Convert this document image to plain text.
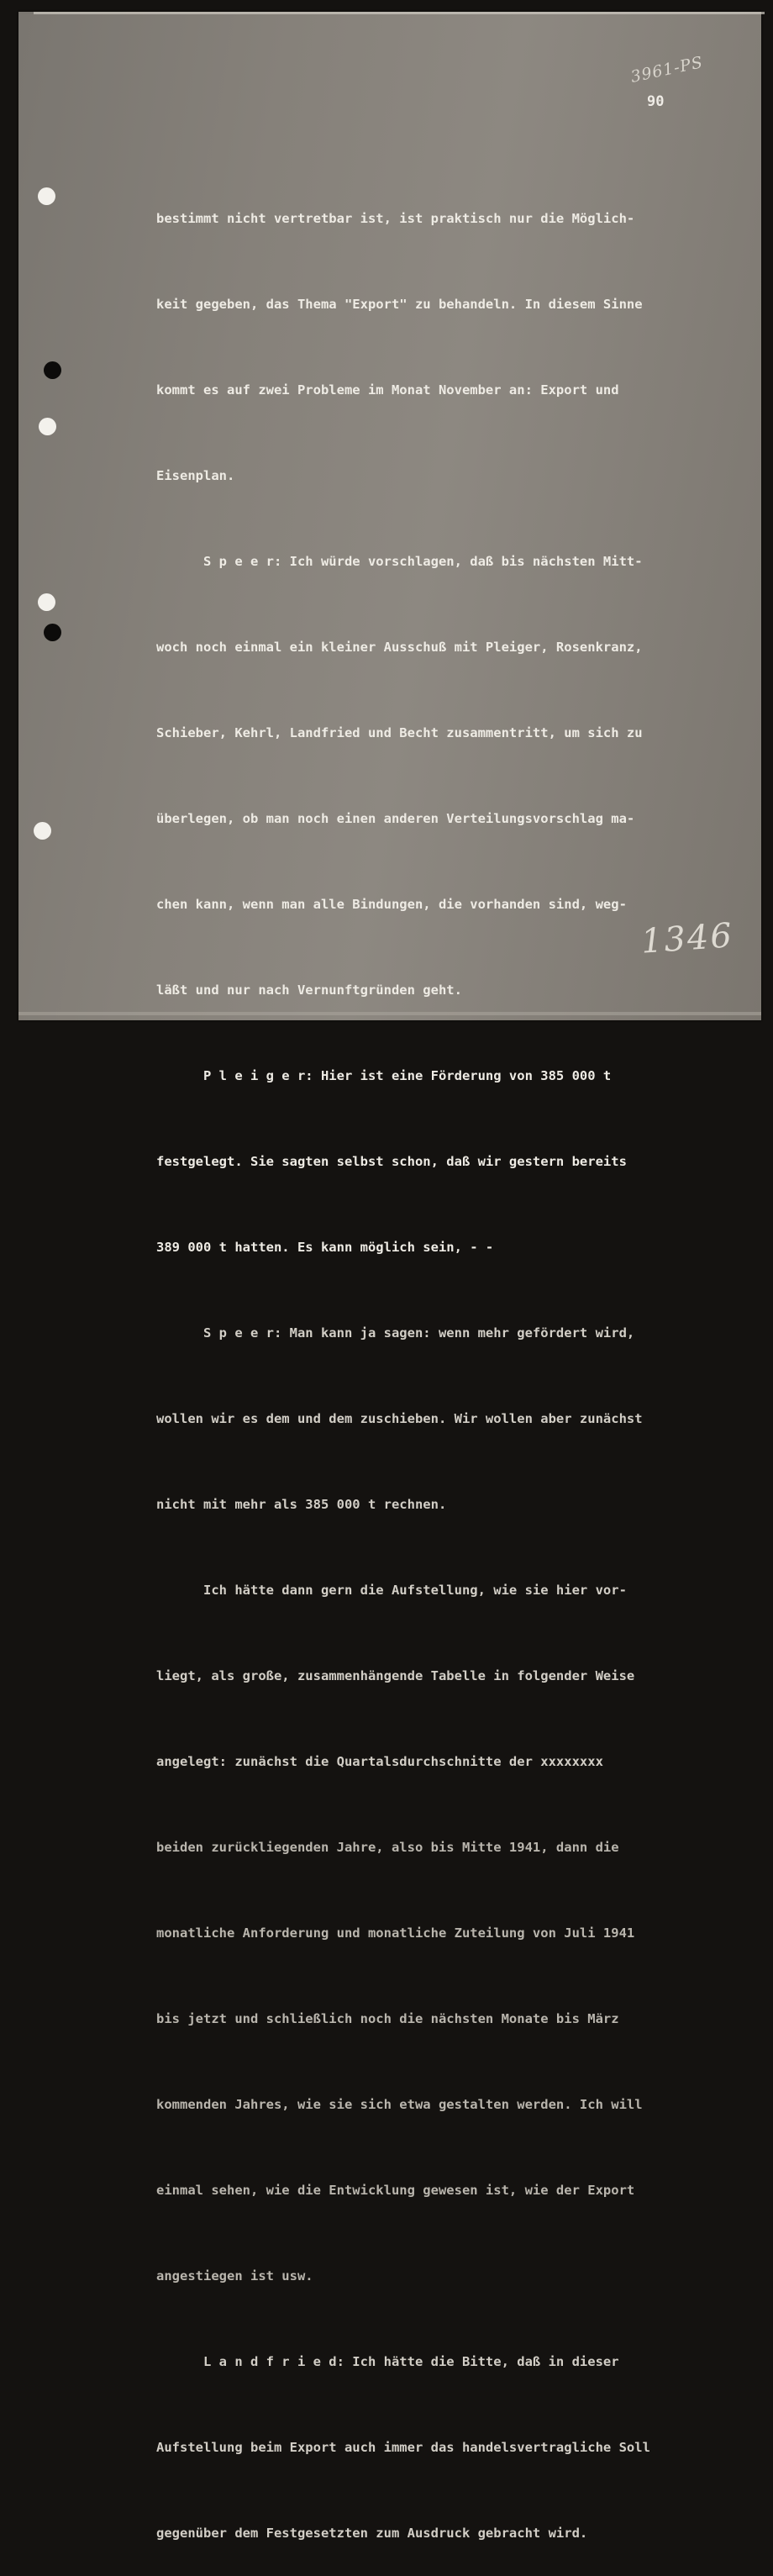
3961-PS
90

bestimmt nicht vertretbar ist, ist praktisch nur die Möglich-

keit gegeben, das Thema "Export" zu behandeln. In diesem Sinne

kommt es auf zwei Probleme im Monat November an: Export und

Eisenplan.

S p e e r: Ich würde vorschlagen, daß bis nächsten Mitt-

woch noch einmal ein kleiner Ausschuß mit Pleiger, Rosenkranz,

Schieber, Kehrl, Landfried und Becht zusammentritt, um sich zu

überlegen, ob man noch einen anderen Verteilungsvorschlag ma-

chen kann, wenn man alle Bindungen, die vorhanden sind, weg-

läßt und nur nach Vernunftgründen geht.

P l e i g e r: Hier ist eine Förderung von 385 000 t

festgelegt. Sie sagten selbst schon, daß wir gestern bereits

389 000 t hatten. Es kann möglich sein, - -

S p e e r: Man kann ja sagen: wenn mehr gefördert wird,

wollen wir es dem und dem zuschieben. Wir wollen aber zunächst

nicht mit mehr als 385 000 t rechnen.

Ich hätte dann gern die Aufstellung, wie sie hier vor-

liegt, als große, zusammenhängende Tabelle in folgender Weise

angelegt: zunächst die Quartalsdurchschnitte der xxxxxxxx

beiden zurückliegenden Jahre, also bis Mitte 1941, dann die

monatliche Anforderung und monatliche Zuteilung von Juli 1941

bis jetzt und schließlich noch die nächsten Monate bis März

kommenden Jahres, wie sie sich etwa gestalten werden. Ich will

einmal sehen, wie die Entwicklung gewesen ist, wie der Export

angestiegen ist usw.

L a n d f r i e d: Ich hätte die Bitte, daß in dieser

Aufstellung beim Export auch immer das handelsvertragliche Soll

gegenüber dem Festgesetzten zum Ausdruck gebracht wird.

1346
